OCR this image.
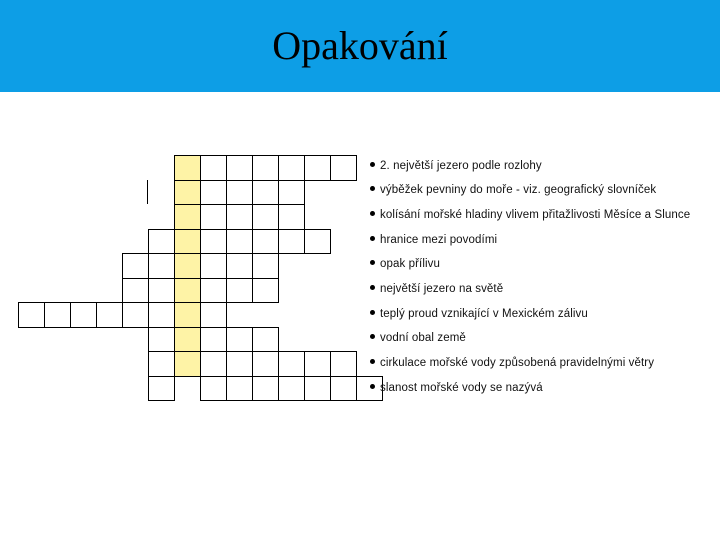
Opakování
2. největší jezero podle rozlohy
výběžek pevniny do moře - viz. geografický slovníček
kolísání mořské hladiny vlivem přitažlivosti Měsíce a Slunce
hranice mezi povodími
opak přílivu
největší jezero na světě
teplý proud vznikající v Mexickém zálivu
vodní obal země
cirkulace mořské vody způsobená pravidelnými větry
slanost mořské vody se nazývá
